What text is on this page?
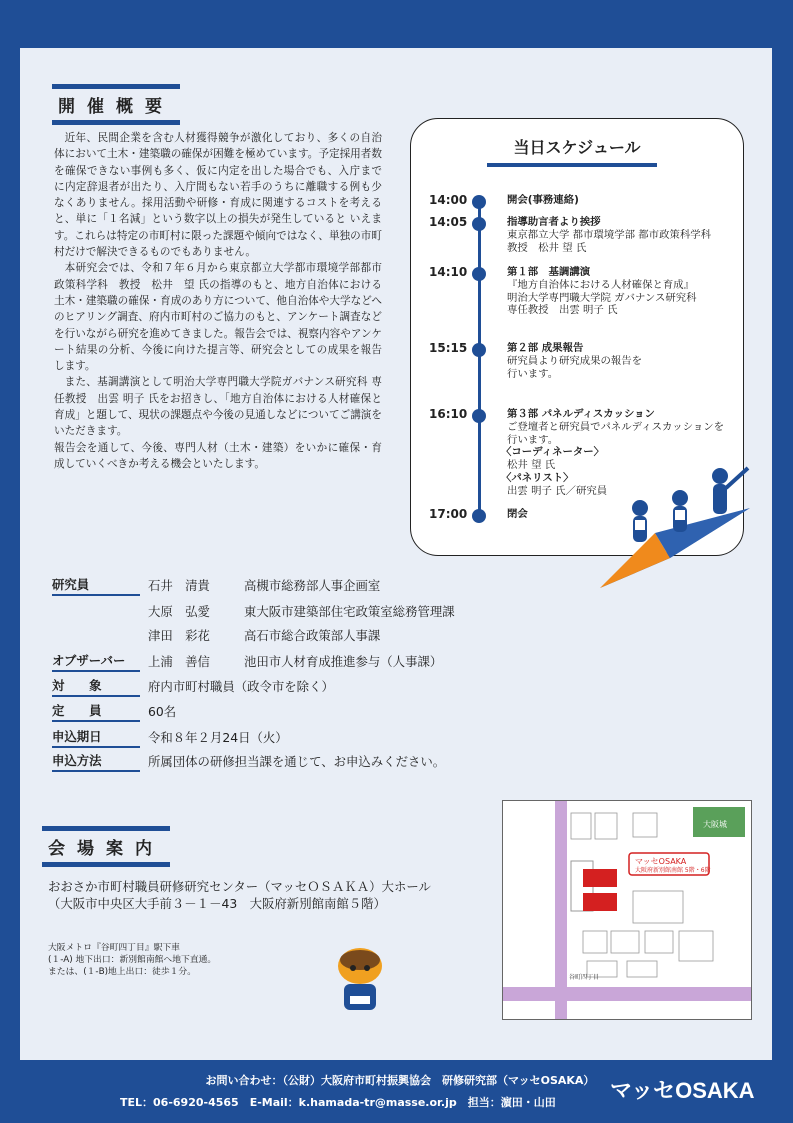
開催概要

近年、民間企業を含む人材獲得競争が激化しており、多くの自治体において土木・建築職の確保が困難を極めています。予定採用者数を確保できない事例も多く、仮に内定を出した場合でも、入庁までに内定辞退者が出たり、入庁間もない若手のうちに離職する例も少なくありません。採用活動や研修・育成に関連するコストを考えると、単に「１名減」という数字以上の損失が発生していると いえます。これらは特定の市町村に限った課題や傾向ではなく、単独の市町村だけで解決できるものでもありません。

本研究会では、令和７年６月から東京都立大学都市環境学部都市政策科学科　教授　松井　望 氏の指導のもと、地方自治体における土木・建築職の確保・育成のあり方について、他自治体や大学などへのヒアリング調査、府内市町村のご協力のもと、アンケート調査などを行いながら研究を進めてきました。報告会では、視察内容やアンケート結果の分析、今後に向けた提言等、研究会としての成果を報告します。

また、基調講演として明治大学専門職大学院ガバナンス研究科 専任教授　出雲 明子 氏をお招きし、「地方自治体における人材確保と育成」と題して、現状の課題点や今後の見通しなどについてご講演をいただきます。

報告会を通して、今後、専門人材（土木・建築）をいかに確保・育成していくべきか考える機会といたします。

当日スケジュール
14:00	開会(事務連絡)
14:05	指導助言者より挨拶
東京都立大学 都市環境学部 都市政策科学科
教授　松井 望 氏
14:10	第１部　基調講演
『地方自治体における人材確保と育成』
明治大学専門職大学院 ガバナンス研究科
専任教授　出雲 明子 氏
15:15	第２部 成果報告
研究員より研究成果の報告を
行います。
16:10	第３部 パネルディスカッション
ご登壇者と研究員でパネルディスカッションを
行います。
〈コーディネーター〉
松井 望 氏
〈パネリスト〉
出雲 明子 氏／研究員
17:00	閉会
会場案内
おおさか市町村職員研修研究センター（マッセＯＳＡＫＡ）大ホール
（大阪市中央区大手前３－１－43　大阪府新別館南館５階）
大阪メトロ『谷町四丁目』駅下車
(１-A) 地下出口：新別館南館へ地下直通。
または、(１-B)地上出口：徒歩１分。
大阪城
マッセOSAKA
大阪府新別館南館 5階・6階
谷町四丁目
研究員	石井　清貴	高槻市総務部人事企画室
大原　弘愛	東大阪市建築部住宅政策室総務管理課
津田　彩花	高石市総合政策部人事課
オブザーバー	上浦　善信	池田市人材育成推進参与（人事課）
対　　象	府内市町村職員（政令市を除く）
定　　員	60名
申込期日	令和８年２月24日（火）
申込方法	所属団体の研修担当課を通じて、お申込みください。
お問い合わせ：（公財）大阪府市町村振興協会　研修研究部（マッセOSAKA）
TEL：06-6920-4565　E-Mail：k.hamada-tr@masse.or.jp　担当：濵田・山田 マッセOSAKA
